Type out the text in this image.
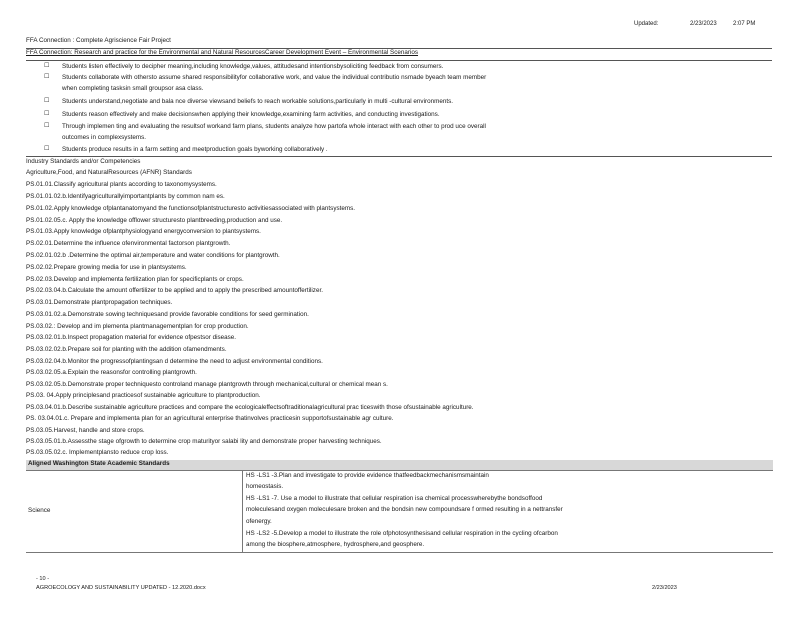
Updated:	2/23/2023	2:07 PM
FFA Connection : Complete Agriscience Fair Project
FFA Connection: Research and practice for the Environmental and Natural ResourcesCareer Development Event – Environmental Scenarios
☐ Students listen effectively to decipher meaning,including knowledge,values, attitudesand intentionsbysoliciting feedback from consumers.
☐ Students collaborate with othersto assume shared responsibilityfor collaborative work, and value the individual contributio nsmade byeach team member
when completing tasksin small groupsor asa class.
☐ Students understand,negotiate and bala nce diverse viewsand beliefs to reach workable solutions,particularly in multi -cultural environments.
☐ Students reason effectively and make decisionswhen applying their knowledge,examining farm activities, and conducting investigations.
☐ Through implemen ting and evaluating the resultsof workand farm plans, students analyze how partofa whole interact with each other to prod uce overall
outcomes in complexsystems.
☐ Students produce results in a farm setting and meetproduction goals byworking collaboratively .
Industry Standards and/or Competencies
Agriculture,Food, and NaturalResources (AFNR) Standards
PS.01.01.Classify agricultural plants according to taxonomysystems.
PS.01.01.02.b.Identifyagriculturallyimportantplants by common nam es.
PS.01.02.Apply knowledge ofplantanatomyand the functionsofplantstructuresto activitiesassociated with plantsystems.
PS.01.02.05.c. Apply the knowledge offlower structuresto plantbreeding,production and use.
PS.01.03.Apply knowledge ofplantphysiologyand energyconversion to plantsystems.
PS.02.01.Determine the influence ofenvironmental factorson plantgrowth.
PS.02.01.02.b .Determine the optimal air,temperature and water conditions for plantgrowth.
PS.02.02.Prepare growing media for use in plantsystems.
PS.02.03.Develop and implementa fertilization plan for specificplants or crops.
PS.02.03.04.b.Calculate the amount offertilizer to be applied and to apply the prescribed amountoffertilizer.
PS.03.01.Demonstrate plantpropagation techniques.
PS.03.01.02.a.Demonstrate sowing techniquesand provide favorable conditions for seed germination.
PS.03.02.: Develop and im plementa plantmanagementplan for crop production.
PS.03.02.01.b.Inspect propagation material for evidence ofpestsor disease.
PS.03.02.02.b.Prepare soil for planting with the addition ofamendments.
PS.03.02.04.b.Monitor the progressofplantingsan d determine the need to adjust environmental conditions.
PS.03.02.05.a.Explain the reasonsfor controlling plantgrowth.
PS.03.02.05.b.Demonstrate proper techniquesto controland manage plantgrowth through mechanical,cultural or chemical mean s.
PS.03. 04.Apply principlesand practicesof sustainable agriculture to plantproduction.
PS.03.04.01.b.Describe sustainable agriculture practices and compare the ecologicaleffectsoftraditionalagricultural prac ticeswith those ofsustainable agriculture.
PS. 03.04.01.c. Prepare and implementa plan for an agricultural enterprise thatinvolves practicesin supportofsustainable agr culture.
PS.03.05.Harvest, handle and store crops.
PS.03.05.01.b.Assessthe stage ofgrowth to determine crop maturityor salabi lity and demonstrate proper harvesting techniques.
PS.03.05.02.c. Implementplansto reduce crop loss.
Aligned Washington State Academic Standards
Science
HS -LS1 -3.Plan and investigate to provide evidence thatfeedbackmechanismsmaintain
homeostasis.
HS -LS1 -7. Use a model to illustrate that cellular respiration isa chemical processwherebythe bondsoffood
moleculesand oxygen moleculesare broken and the bondsin new compoundsare f ormed resulting in a nettransfer
ofenergy.
HS -LS2 -5.Develop a model to illustrate the role ofphotosynthesisand cellular respiration in the cycling ofcarbon
among the biosphere,atmosphere, hydrosphere,and geosphere.
- 10 -
AGROECOLOGY AND SUSTAINABILITY UPDATED - 12.2020.docx	2/23/2023
